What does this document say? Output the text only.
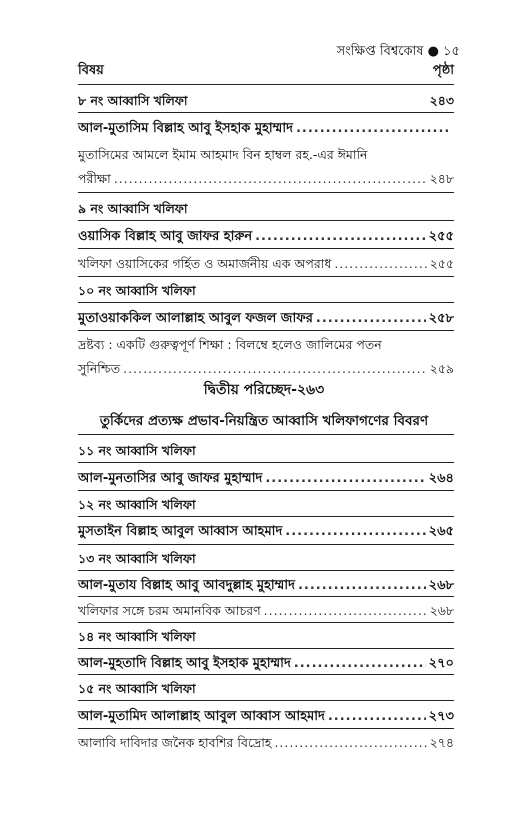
সংক্ষিপ্ত বিশ্বকোষ ● ১৫
বিষয়	পৃষ্ঠা
৮ নং আব্বাসি খলিফা	২৪৩
আল-মুতাসিম বিল্লাহ আবু ইসহাক মুহাম্মাদ
.....
মুতাসিমের আমলে ইমাম আহমাদ বিন হাম্বল রহ.-এর ঈমানি
পরীক্ষা .....	২৪৮
৯ নং আব্বাসি খলিফা
ওয়াসিক বিল্লাহ আবু জাফর হারুন .....	২৫৫
খলিফা ওয়াসিকের গর্হিত ও অমার্জনীয় এক অপরাধ .....	২৫৫
১০ নং আব্বাসি খলিফা
মুতাওয়াককিল আলাল্লাহ আবুল ফজল জাফর .....	২৫৮
দ্রষ্টব্য : একটি গুরুত্বপূর্ণ শিক্ষা : বিলম্বে হলেও জালিমের পতন
সুনিশ্চিত .....	২৫৯
দ্বিতীয় পরিচ্ছেদ-২৬৩
তুর্কিদের প্রত্যক্ষ প্রভাব-নিয়ন্ত্রিত আব্বাসি খলিফাগণের বিবরণ
১১ নং আব্বাসি খলিফা
আল-মুনতাসির আবু জাফর মুহাম্মাদ .....	২৬৪
১২ নং আব্বাসি খলিফা
মুসতাইন বিল্লাহ আবুল আব্বাস আহমাদ .....	২৬৫
১৩ নং আব্বাসি খলিফা
আল-মুতায বিল্লাহ আবু আবদুল্লাহ মুহাম্মাদ .....	২৬৮
খলিফার সঙ্গে চরম অমানবিক আচরণ .....	২৬৮
১৪ নং আব্বাসি খলিফা
আল-মুহতাদি বিল্লাহ আবু ইসহাক মুহাম্মাদ .....	২৭০
১৫ নং আব্বাসি খলিফা
আল-মুতামিদ আলাল্লাহ আবুল আব্বাস আহমাদ .....	২৭৩
আলাবি দাবিদার জনৈক হাবশির বিদ্রোহ .....	২৭৪
